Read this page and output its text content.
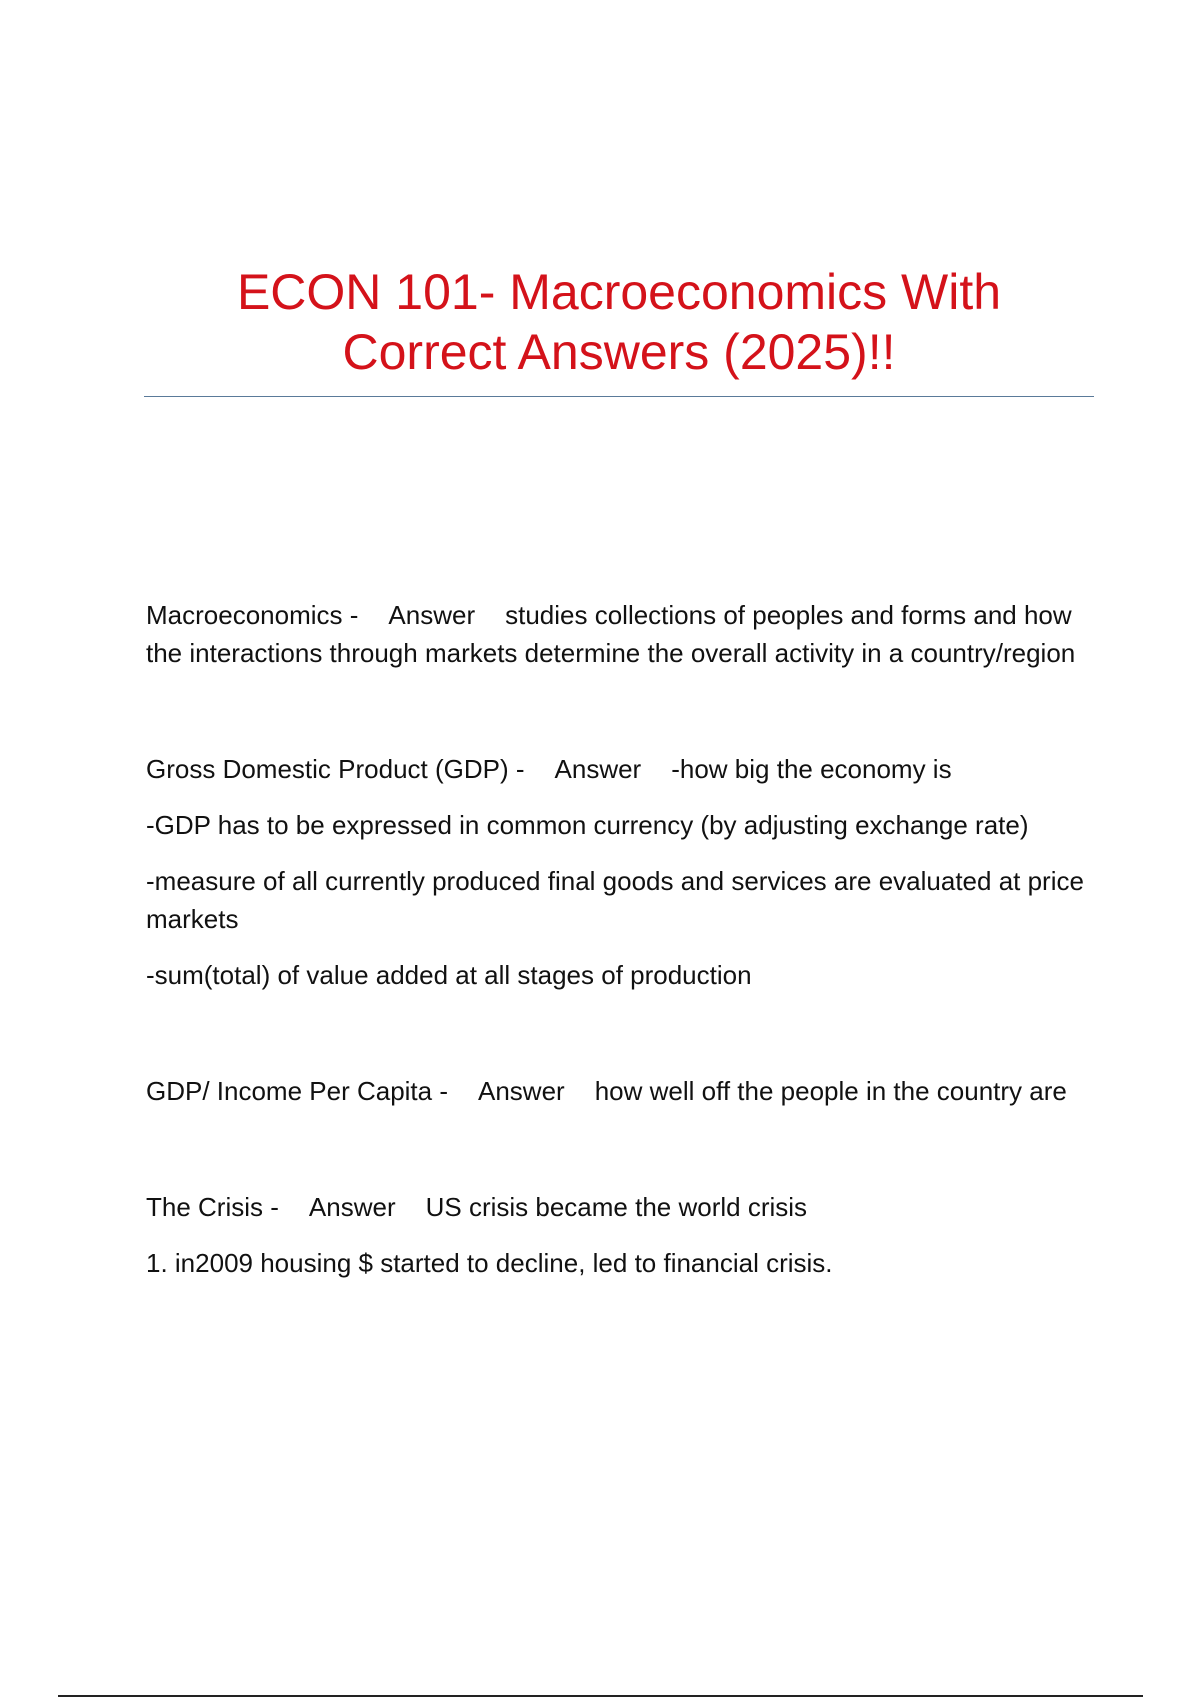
ECON 101- Macroeconomics With
Correct Answers (2025)!!

Macroeconomics - Answer studies collections of peoples and forms and how the interactions through markets determine the overall activity in a country/region

Gross Domestic Product (GDP) - Answer -how big the economy is

-GDP has to be expressed in common currency (by adjusting exchange rate)

-measure of all currently produced final goods and services are evaluated at price markets

-sum(total) of value added at all stages of production

GDP/ Income Per Capita - Answer how well off the people in the country are

The Crisis - Answer US crisis became the world crisis

1. in2009 housing $ started to decline, led to financial crisis.
